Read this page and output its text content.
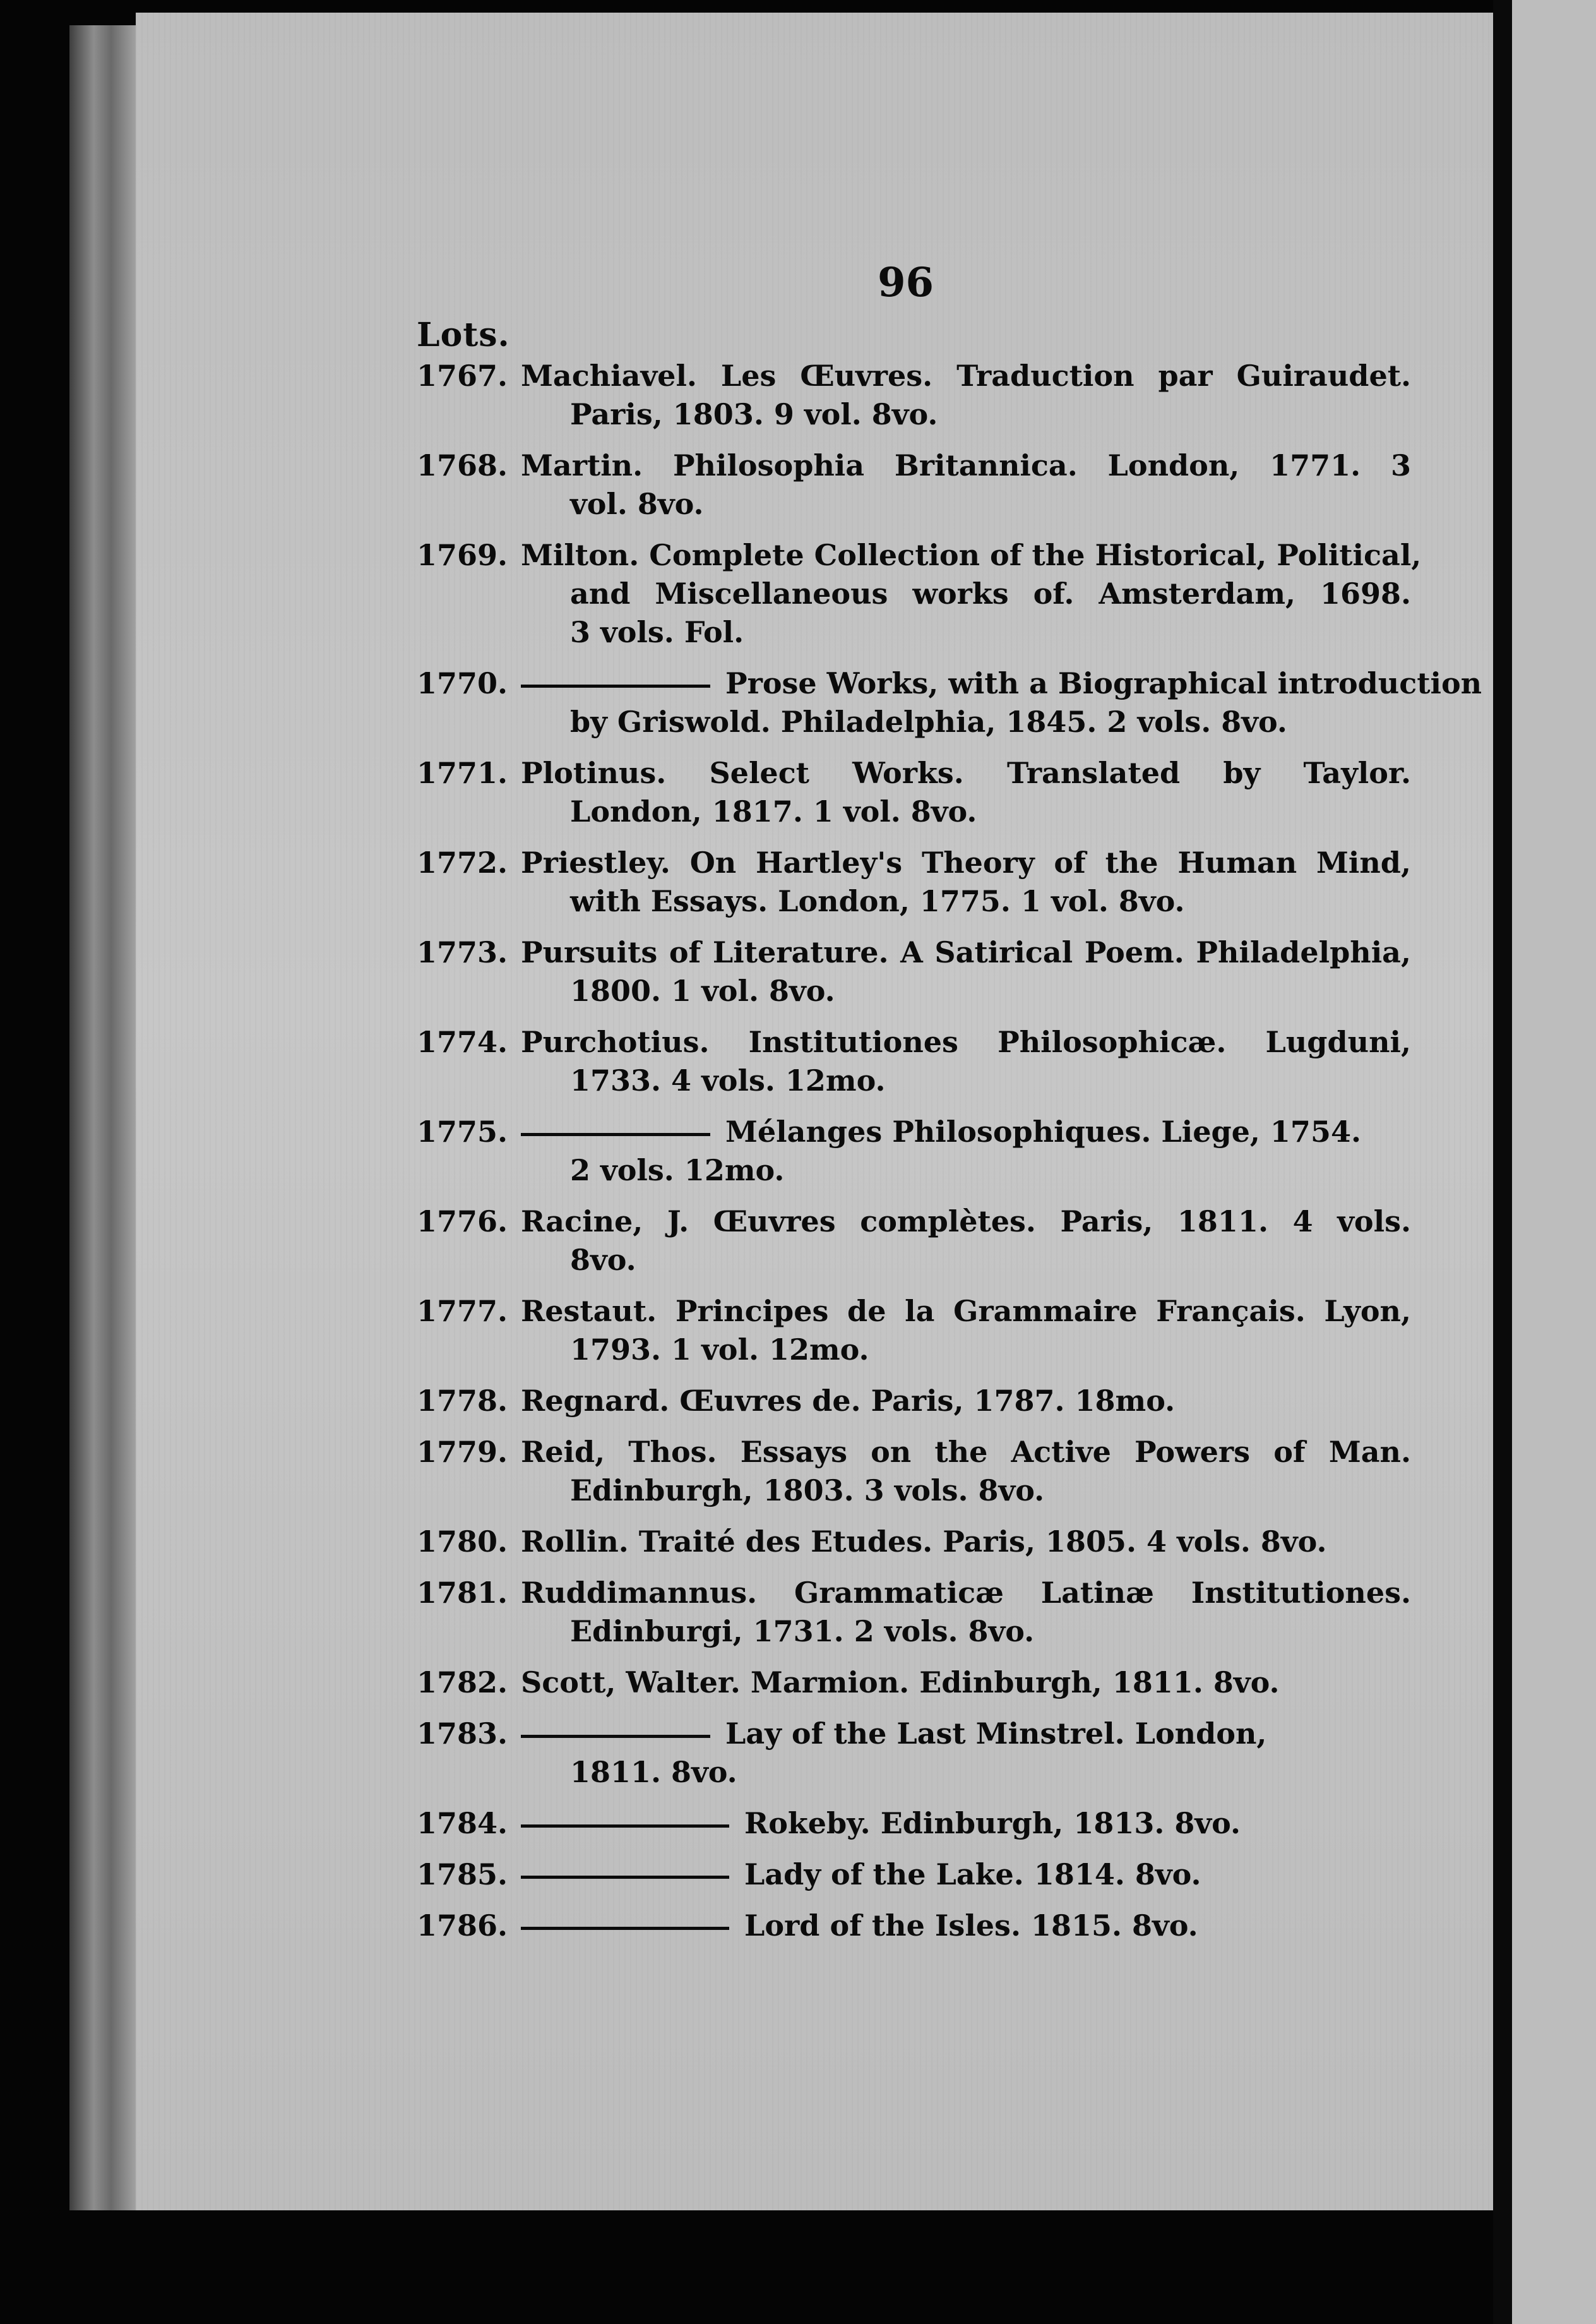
96
Lots.
1767. Machiavel. Les Œuvres. Traduction par Guiraudet.
Paris, 1803. 9 vol. 8vo.
1768. Martin. Philosophia Britannica. London, 1771. 3
vol. 8vo.
1769. Milton. Complete Collection of the Historical, Political,
and Miscellaneous works of. Amsterdam, 1698.
3 vols. Fol.
1770.	Prose Works, with a Biographical introduction
by Griswold. Philadelphia, 1845. 2 vols. 8vo.
1771. Plotinus. Select Works. Translated by Taylor.
London, 1817. 1 vol. 8vo.
1772. Priestley. On Hartley's Theory of the Human Mind,
with Essays. London, 1775. 1 vol. 8vo.
1773. Pursuits of Literature. A Satirical Poem. Philadelphia,
1800. 1 vol. 8vo.
1774. Purchotius. Institutiones Philosophicæ. Lugduni,
1733. 4 vols. 12mo.
1775.	Mélanges Philosophiques. Liege, 1754.
2 vols. 12mo.
1776. Racine, J. Œuvres complètes. Paris, 1811. 4 vols.
8vo.
1777. Restaut. Principes de la Grammaire Français. Lyon,
1793. 1 vol. 12mo.
1778. Regnard. Œuvres de. Paris, 1787. 18mo.
1779. Reid, Thos. Essays on the Active Powers of Man.
Edinburgh, 1803. 3 vols. 8vo.
1780. Rollin. Traité des Etudes. Paris, 1805. 4 vols. 8vo.
1781. Ruddimannus. Grammaticæ Latinæ Institutiones.
Edinburgi, 1731. 2 vols. 8vo.
1782. Scott, Walter. Marmion. Edinburgh, 1811. 8vo.
1783.	Lay of the Last Minstrel. London,
1811. 8vo.
1784.	Rokeby. Edinburgh, 1813. 8vo.
1785.	Lady of the Lake. 1814. 8vo.
1786.	Lord of the Isles. 1815. 8vo.
